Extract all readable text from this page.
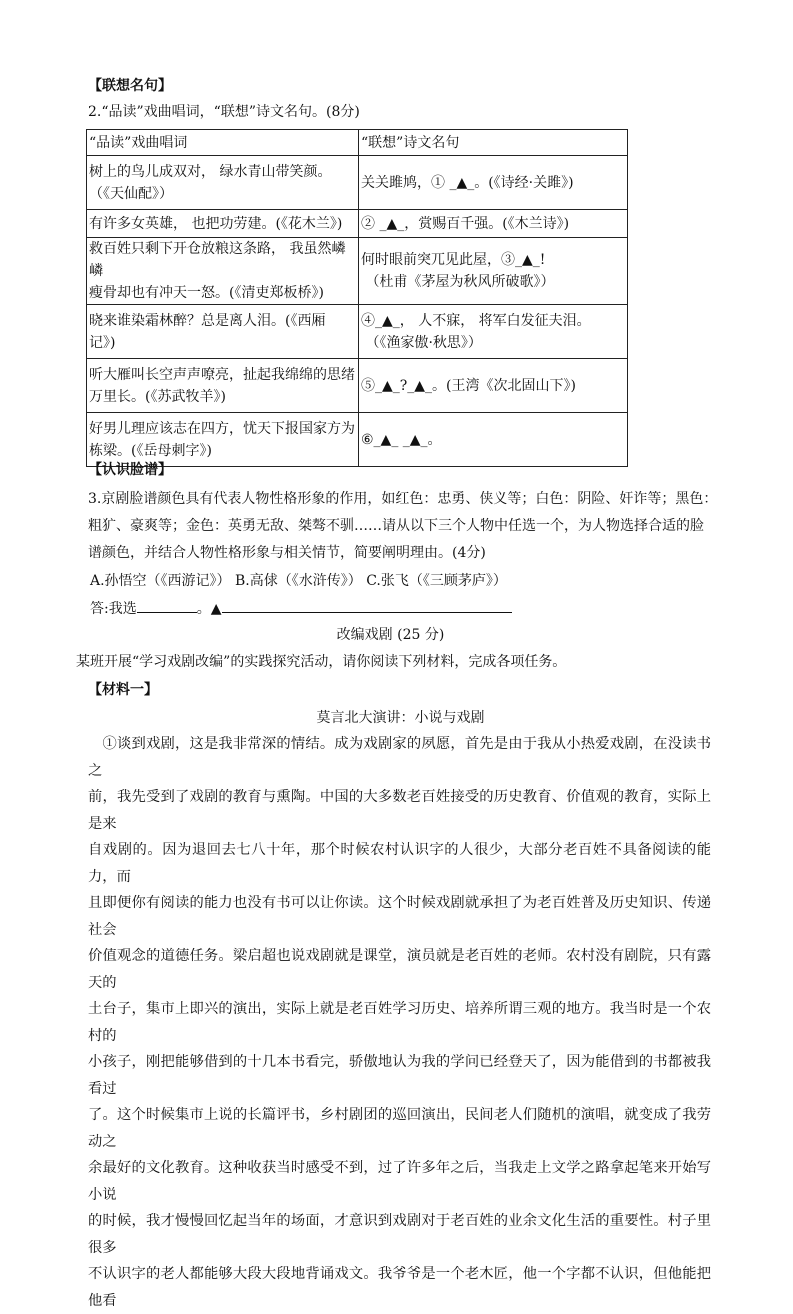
【联想名句】
2.“品读”戏曲唱词，“联想”诗文名句。(8分)
“品读”戏曲唱词	“联想”诗文名句
树上的鸟儿成双对， 绿水青山带笑颜。
（《天仙配》）	关关雎鸠，① _▲_。(《诗经·关雎》)
有许多女英雄， 也把功劳建。(《花木兰》)	② _▲_，赏赐百千强。(《木兰诗》)
救百姓只剩下开仓放粮这条路， 我虽然嶙嶙
瘦骨却也有冲天一怒。(《清吏郑板桥》)	何时眼前突兀见此屋，③_▲_!
（杜甫《茅屋为秋风所破歌》）
晓来谁染霜林醉？总是离人泪。(《西厢
记》)	④_▲_， 人不寐， 将军白发征夫泪。
（《渔家傲·秋思》）
听大雁叫长空声声嘹亮，扯起我绵绵的思绪
万里长。(《苏武牧羊》)	⑤_▲_?_▲_。(王湾《次北固山下》)
好男儿理应该志在四方，忧天下报国家方为
栋梁。(《岳母刺字》)	⑥_▲_ _▲_。
【认识脸谱】
3.京剧脸谱颜色具有代表人物性格形象的作用，如红色：忠勇、侠义等；白色：阴险、奸诈等；黑色：
粗犷、豪爽等；金色：英勇无敌、桀骜不驯……请从以下三个人物中任选一个，为人物选择合适的脸
谱颜色，并结合人物性格形象与相关情节，简要阐明理由。(4分)
A.孙悟空（《西游记》） B.高俅（《水浒传》） C.张飞（《三顾茅庐》）
答:我选	。▲
改编戏剧 (25 分)
某班开展“学习戏剧改编”的实践探究活动，请你阅读下列材料，完成各项任务。
【材料一】
莫言北大演讲：小说与戏剧

　①谈到戏剧，这是我非常深的情结。成为戏剧家的夙愿，首先是由于我从小热爱戏剧，在没读书之

前，我先受到了戏剧的教育与熏陶。中国的大多数老百姓接受的历史教育、价值观的教育，实际上是来

自戏剧的。因为退回去七八十年，那个时候农村认识字的人很少，大部分老百姓不具备阅读的能力，而

且即便你有阅读的能力也没有书可以让你读。这个时候戏剧就承担了为老百姓普及历史知识、传递社会

价值观念的道德任务。梁启超也说戏剧就是课堂，演员就是老百姓的老师。农村没有剧院，只有露天的

土台子，集市上即兴的演出，实际上就是老百姓学习历史、培养所谓三观的地方。我当时是一个农村的

小孩子，刚把能够借到的十几本书看完，骄傲地认为我的学问已经登天了，因为能借到的书都被我看过

了。这个时候集市上说的长篇评书，乡村剧团的巡回演出，民间老人们随机的演唱，就变成了我劳动之

余最好的文化教育。这种收获当时感受不到，过了许多年之后，当我走上文学之路拿起笔来开始写小说

的时候，我才慢慢回忆起当年的场面，才意识到戏剧对于老百姓的业余文化生活的重要性。村子里很多

不认识字的老人都能够大段大段地背诵戏文。我爷爷是一个老木匠，他一个字都不认识，但他能把他看
